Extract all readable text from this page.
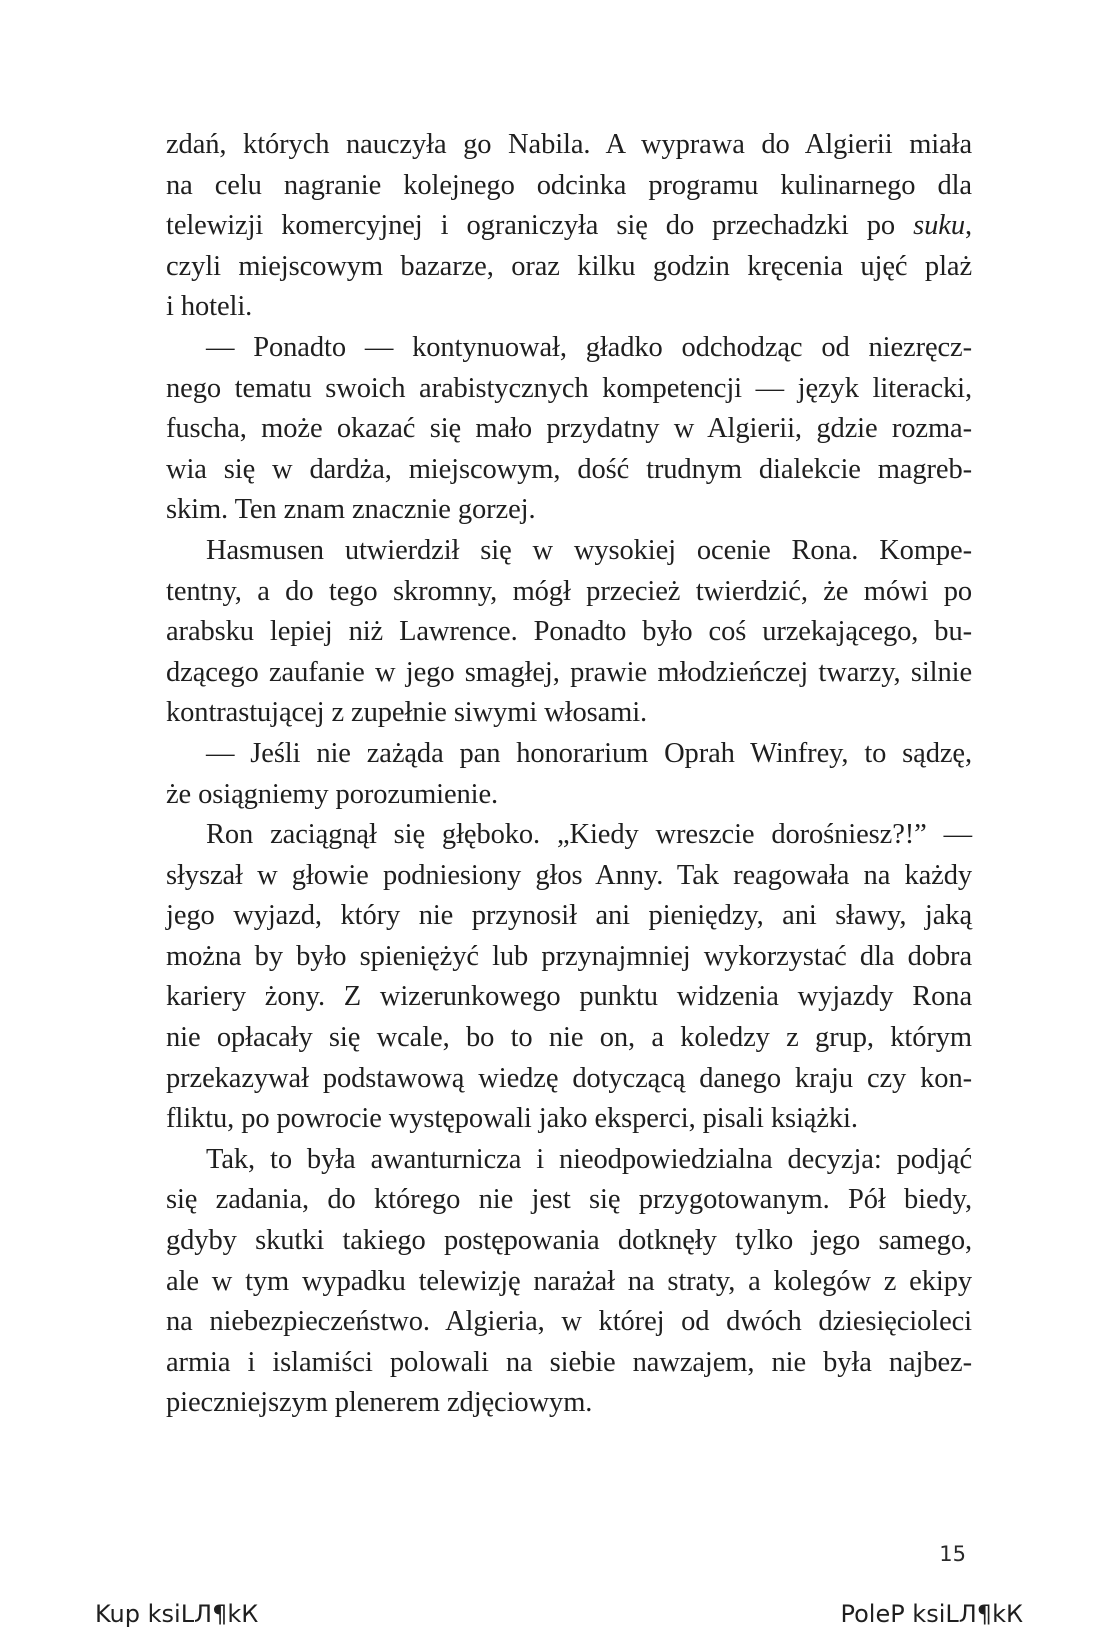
zdań, których nauczyła go Nabila. A wyprawa do Algierii miała
na celu nagranie kolejnego odcinka programu kulinarnego dla
telewizji komercyjnej i ograniczyła się do przechadzki po suku,
czyli miejscowym bazarze, oraz kilku godzin kręcenia ujęć plaż
i hoteli.

— Ponadto — kontynuował, gładko odchodząc od niezręcz-
nego tematu swoich arabistycznych kompetencji — język literacki,
fuscha, może okazać się mało przydatny w Algierii, gdzie rozma-
wia się w dardża, miejscowym, dość trudnym dialekcie magreb-
skim. Ten znam znacznie gorzej.

Hasmusen utwierdził się w wysokiej ocenie Rona. Kompe-
tentny, a do tego skromny, mógł przecież twierdzić, że mówi po
arabsku lepiej niż Lawrence. Ponadto było coś urzekającego, bu-
dzącego zaufanie w jego smagłej, prawie młodzieńczej twarzy, silnie
kontrastującej z zupełnie siwymi włosami.

— Jeśli nie zażąda pan honorarium Oprah Winfrey, to sądzę,
że osiągniemy porozumienie.

Ron zaciągnął się głęboko. „Kiedy wreszcie dorośniesz?!” —
słyszał w głowie podniesiony głos Anny. Tak reagowała na każdy
jego wyjazd, który nie przynosił ani pieniędzy, ani sławy, jaką
można by było spieniężyć lub przynajmniej wykorzystać dla dobra
kariery żony. Z wizerunkowego punktu widzenia wyjazdy Rona
nie opłacały się wcale, bo to nie on, a koledzy z grup, którym
przekazywał podstawową wiedzę dotyczącą danego kraju czy kon-
fliktu, po powrocie występowali jako eksperci, pisali książki.

Tak, to była awanturnicza i nieodpowiedzialna decyzja: podjąć
się zadania, do którego nie jest się przygotowanym. Pół biedy,
gdyby skutki takiego postępowania dotknęły tylko jego samego,
ale w tym wypadku telewizję narażał na straty, a kolegów z ekipy
na niebezpieczeństwo. Algieria, w której od dwóch dziesięcioleci
armia i islamiści polowali na siebie nawzajem, nie była najbez-
pieczniejszym plenerem zdjęciowym.

15
Kup ksiLЛ¶kК	PoleР ksiLЛ¶kК
